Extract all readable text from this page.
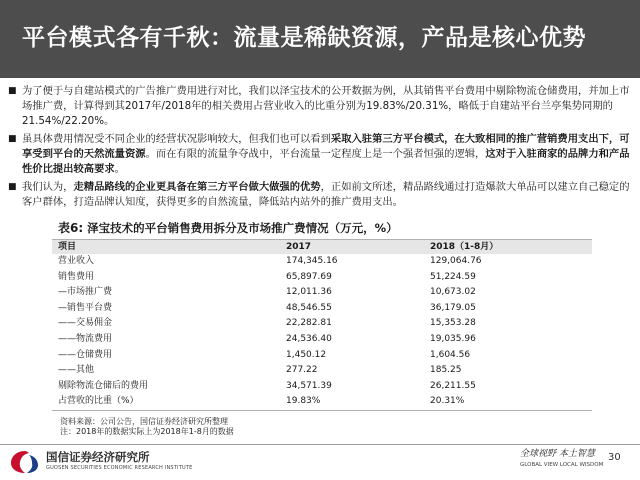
平台模式各有千秋：流量是稀缺资源，产品是核心优势
■ 为了便于与自建站模式的广告推广费用进行对比，我们以泽宝技术的公开数据为例，从其销售平台费用中剔除物流仓储费用，并加上市场推广费，计算得到其2017年/2018年的相关费用占营业收入的比重分别为19.83%/20.31%，略低于自建站平台兰亭集势同期的21.54%/22.20%。
■ 虽具体费用情况受不同企业的经营状况影响较大，但我们也可以看到采取入驻第三方平台模式，在大致相同的推广营销费用支出下，可享受到平台的天然流量资源。而在有限的流量争夺战中，平台流量一定程度上是一个强者恒强的逻辑，这对于入驻商家的品牌力和产品性价比提出较高要求。
■ 我们认为，走精品路线的企业更具备在第三方平台做大做强的优势，正如前文所述，精品路线通过打造爆款大单品可以建立自己稳定的客户群体，打造品牌认知度，获得更多的自然流量，降低站内站外的推广费用支出。
表6: 泽宝技术的平台销售费用拆分及市场推广费情况（万元，%）
项目	2017	2018（1-8月）
营业收入	174,345.16	129,064.76
销售费用	65,897.69	51,224.59
—市场推广费	12,011.36	10,673.02
—销售平台费	48,546.55	36,179.05
——交易佣金	22,282.81	15,353.28
——物流费用	24,536.40	19,035.96
——仓储费用	1,450.12	1,604.56
——其他	277.22	185.25
剔除物流仓储后的费用	34,571.39	26,211.55
占营收的比重（%）	19.83%	20.31%
资料来源：公司公告，国信证券经济研究所整理
注：2018年的数据实际上为2018年1-8月的数据
国信证券经济研究所
GUOSEN SECURITIES ECONOMIC RESEARCH INSTITUTE
全球视野 本土智慧
GLOBAL VIEW LOCAL WISDOM
30
